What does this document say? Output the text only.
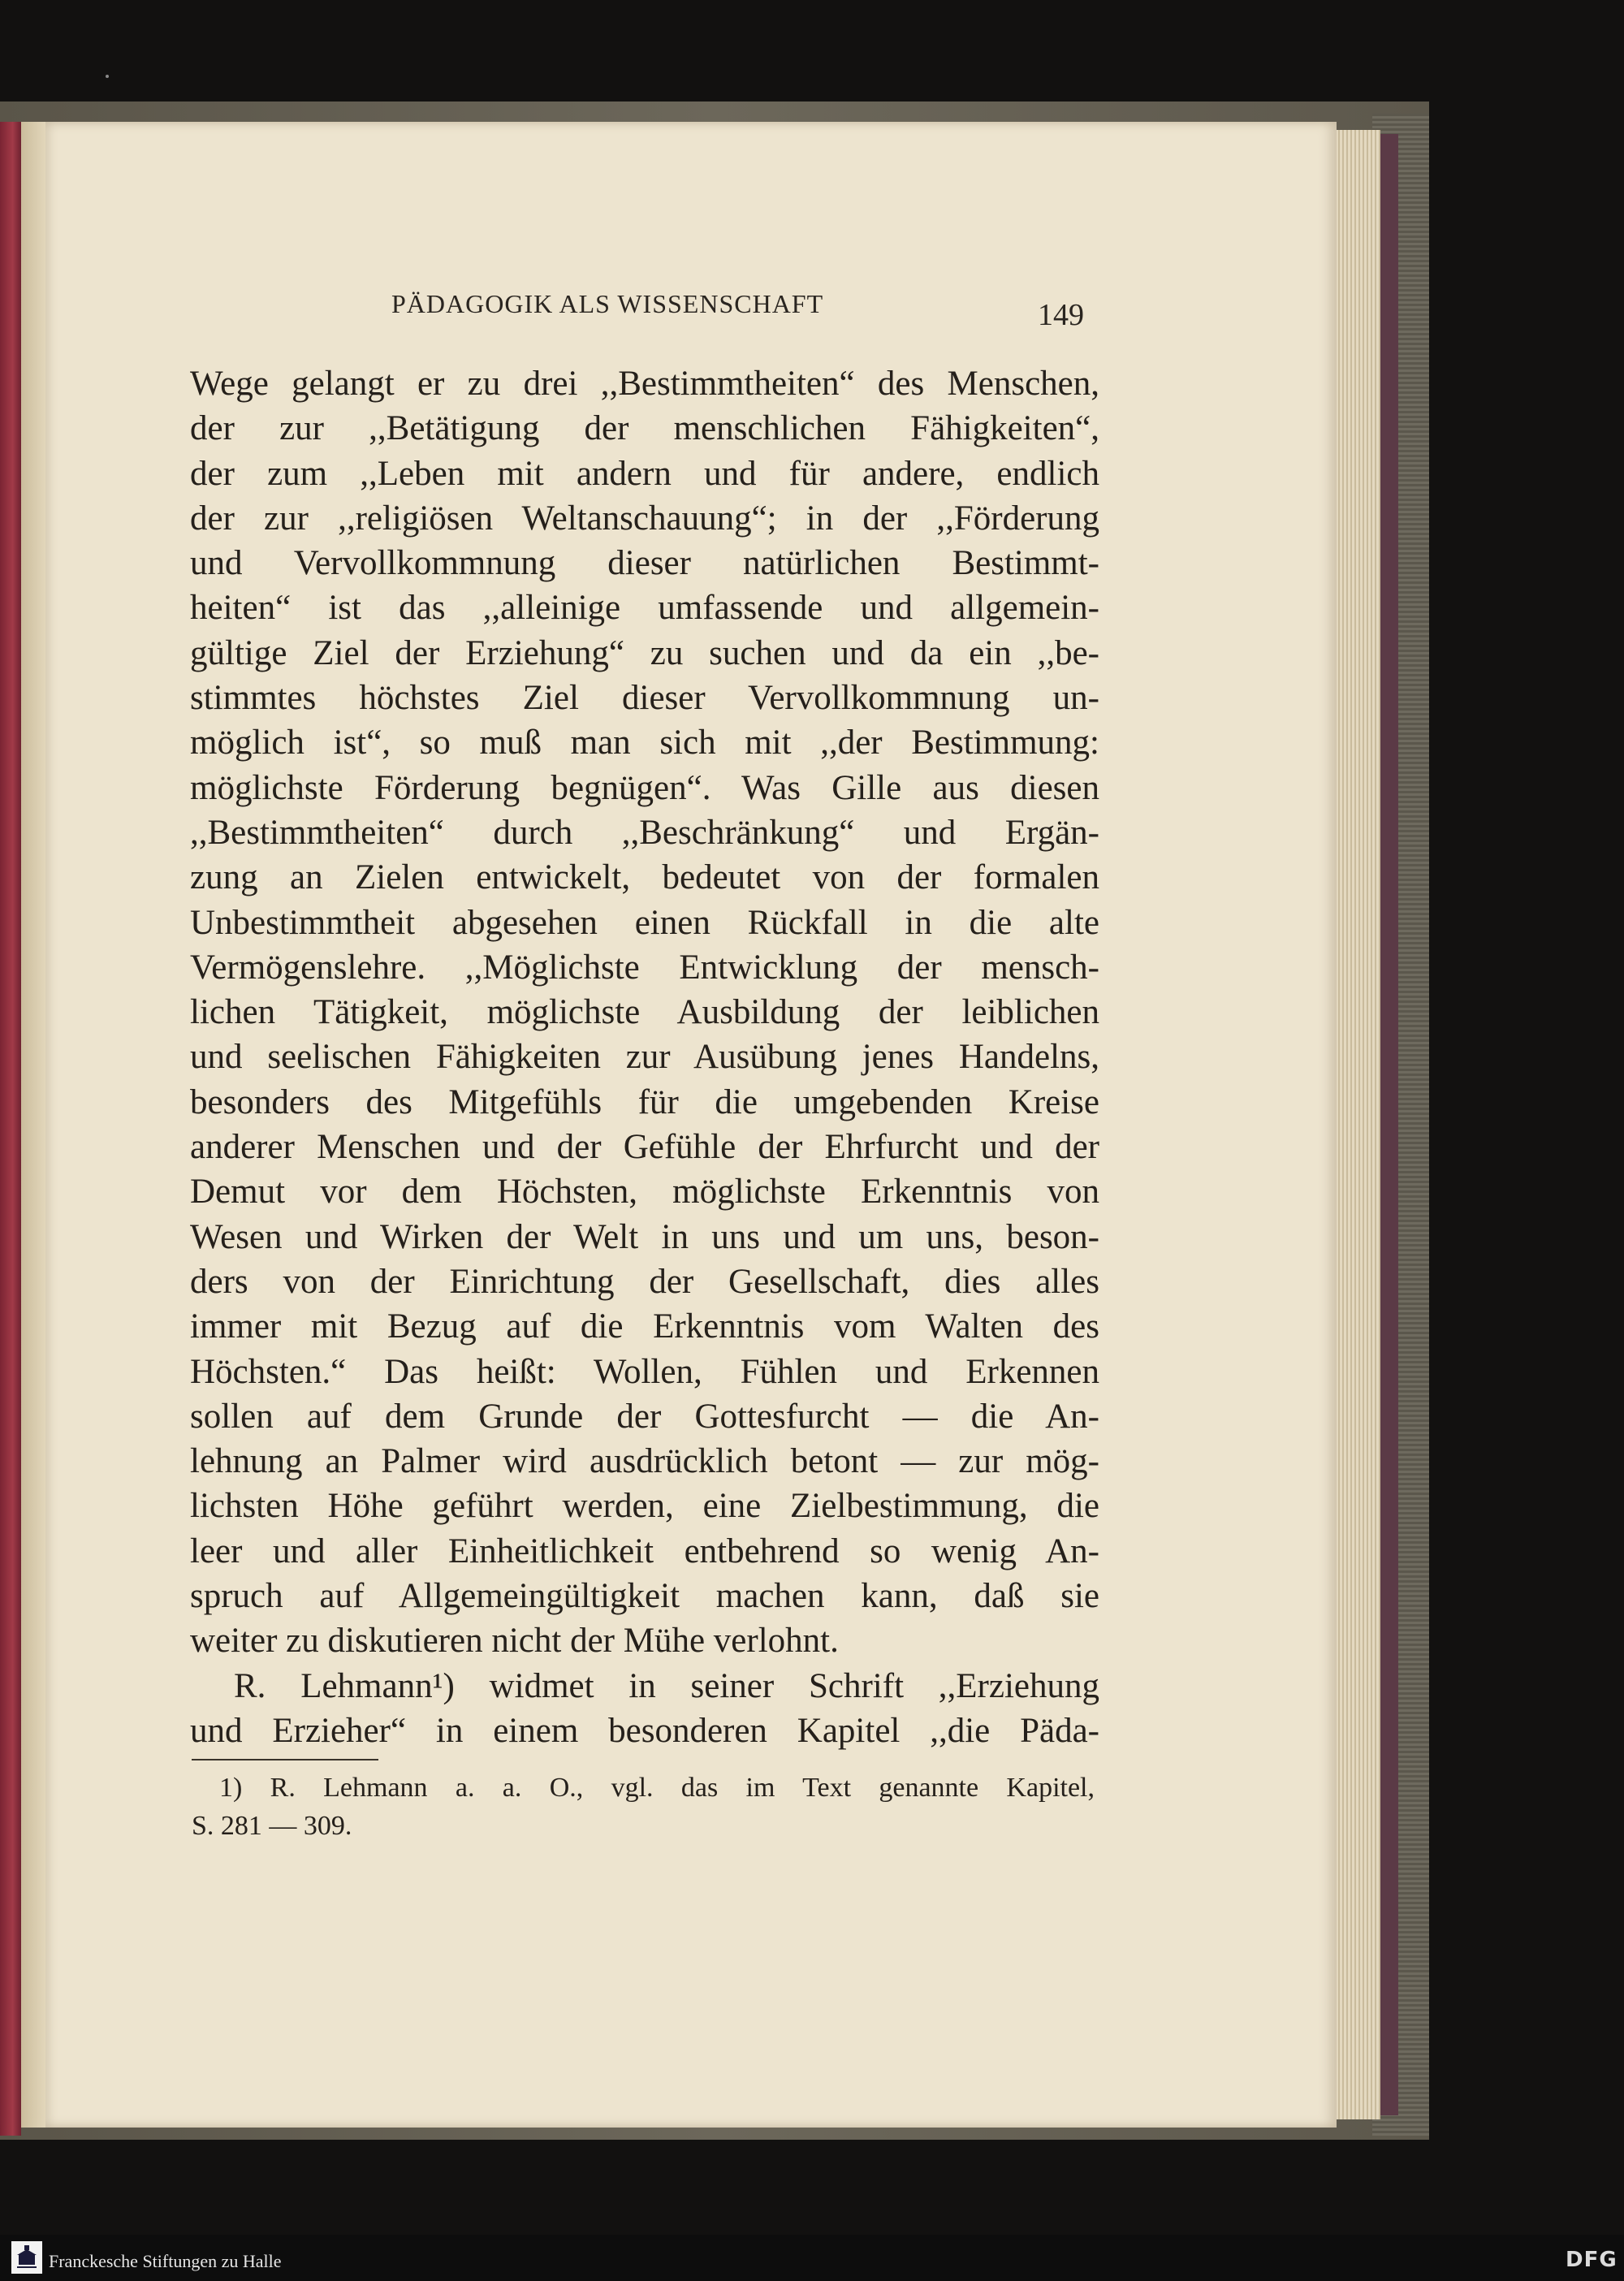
PÄDAGOGIK ALS WISSENSCHAFT	149
Wege gelangt er zu drei ,,Bestimmtheiten“ des Menschen,
der zur ,,Betätigung der menschlichen Fähigkeiten“,
der zum ,,Leben mit andern und für andere, endlich
der zur ,,religiösen Weltanschauung“; in der ,,Förderung
und Vervollkommnung dieser natürlichen Bestimmt-
heiten“ ist das ,,alleinige umfassende und allgemein-
gültige Ziel der Erziehung“ zu suchen und da ein ,,be-
stimmtes höchstes Ziel dieser Vervollkommnung un-
möglich ist“, so muß man sich mit ,,der Bestimmung:
möglichste Förderung begnügen“. Was Gille aus diesen
,,Bestimmtheiten“ durch ,,Beschränkung“ und Ergän-
zung an Zielen entwickelt, bedeutet von der formalen
Unbestimmtheit abgesehen einen Rückfall in die alte
Vermögenslehre. ,,Möglichste Entwicklung der mensch-
lichen Tätigkeit, möglichste Ausbildung der leiblichen
und seelischen Fähigkeiten zur Ausübung jenes Handelns,
besonders des Mitgefühls für die umgebenden Kreise
anderer Menschen und der Gefühle der Ehrfurcht und der
Demut vor dem Höchsten, möglichste Erkenntnis von
Wesen und Wirken der Welt in uns und um uns, beson-
ders von der Einrichtung der Gesellschaft, dies alles
immer mit Bezug auf die Erkenntnis vom Walten des
Höchsten.“ Das heißt: Wollen, Fühlen und Erkennen
sollen auf dem Grunde der Gottesfurcht — die An-
lehnung an Palmer wird ausdrücklich betont — zur mög-
lichsten Höhe geführt werden, eine Zielbestimmung, die
leer und aller Einheitlichkeit entbehrend so wenig An-
spruch auf Allgemeingültigkeit machen kann, daß sie
weiter zu diskutieren nicht der Mühe verlohnt.
R. Lehmann¹) widmet in seiner Schrift ,,Erziehung
und Erzieher“ in einem besonderen Kapitel ,,die Päda-
1) R. Lehmann a. a. O., vgl. das im Text genannte Kapitel,
S. 281 — 309.
Franckesche Stiftungen zu Halle	DFG
